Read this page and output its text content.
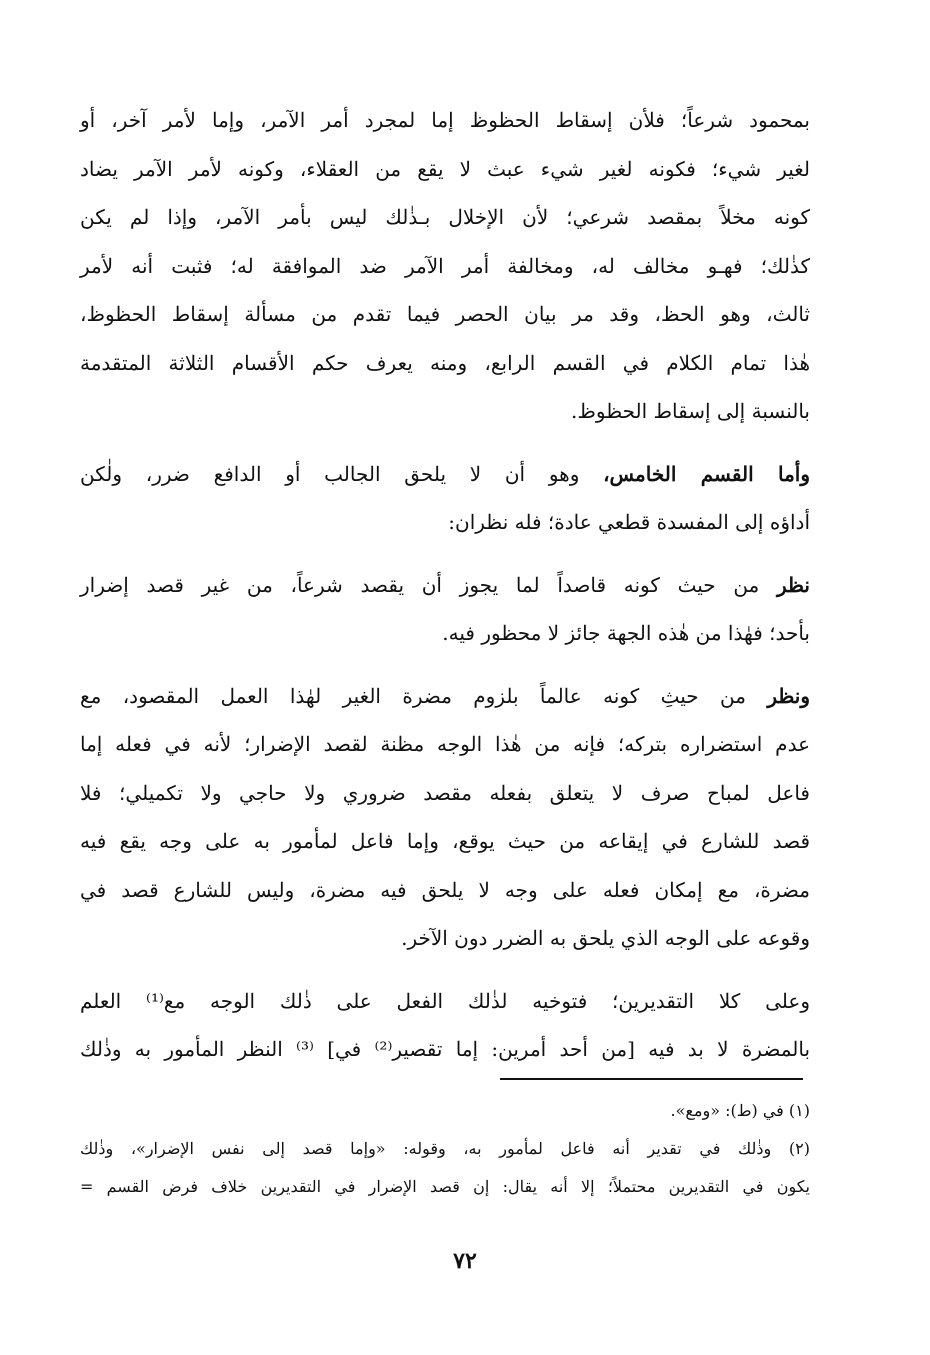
بمحمود شرعاً؛ فلأن إسقاط الحظوظ إما لمجرد أمر الآمر، وإما لأمر آخر، أو
لغير شيء؛ فكونه لغير شيء عبث لا يقع من العقلاء، وكونه لأمر الآمر يضاد
كونه مخلاً بمقصد شرعي؛ لأن الإخلال بـذٰلك ليس بأمر الآمر، وإذا لم يكن
كذٰلك؛ فهـو مخالف له، ومخالفة أمر الآمر ضد الموافقة له؛ فثبت أنه لأمر
ثالث، وهو الحظ، وقد مر بيان الحصر فيما تقدم من مسألة إسقاط الحظوظ،
هٰذا تمام الكلام في القسم الرابع، ومنه يعرف حكم الأقسام الثلاثة المتقدمة
بالنسبة إلى إسقاط الحظوظ.
وأما القسم الخامس، وهو أن لا يلحق الجالب أو الدافع ضرر، ولٰكن
أداؤه إلى المفسدة قطعي عادة؛ فله نظران:
نظر من حيث كونه قاصداً لما يجوز أن يقصد شرعاً، من غير قصد إضرار
بأحد؛ فهٰذا من هٰذه الجهة جائز لا محظور فيه.
ونظر من حيثِ كونه عالماً بلزوم مضرة الغير لهٰذا العمل المقصود، مع
عدم استضراره بتركه؛ فإنه من هٰذا الوجه مظنة لقصد الإضرار؛ لأنه في فعله إما
فاعل لمباح صرف لا يتعلق بفعله مقصد ضروري ولا حاجي ولا تكميلي؛ فلا
قصد للشارع في إيقاعه من حيث يوقع، وإما فاعل لمأمور به على وجه يقع فيه
مضرة، مع إمكان فعله على وجه لا يلحق فيه مضرة، وليس للشارع قصد في
وقوعه على الوجه الذي يلحق به الضرر دون الآخر.
وعلى كلا التقديرين؛ فتوخيه لذٰلك الفعل على ذٰلك الوجه مع⁽¹⁾ العلم
بالمضرة لا بد فيه [من أحد أمرين: إما تقصير⁽²⁾ في] ⁽³⁾ النظر المأمور به وذٰلك
(١) في (ط): «ومع».
(٢) وذٰلك في تقدير أنه فاعل لمأمور به، وقوله: «وإما قصد إلى نفس الإضرار»، وذٰلك
يكون في التقديرين محتملاً؛ إلا أنه يقال: إن قصد الإضرار في التقديرين خلاف فرض القسم =
٧٢
